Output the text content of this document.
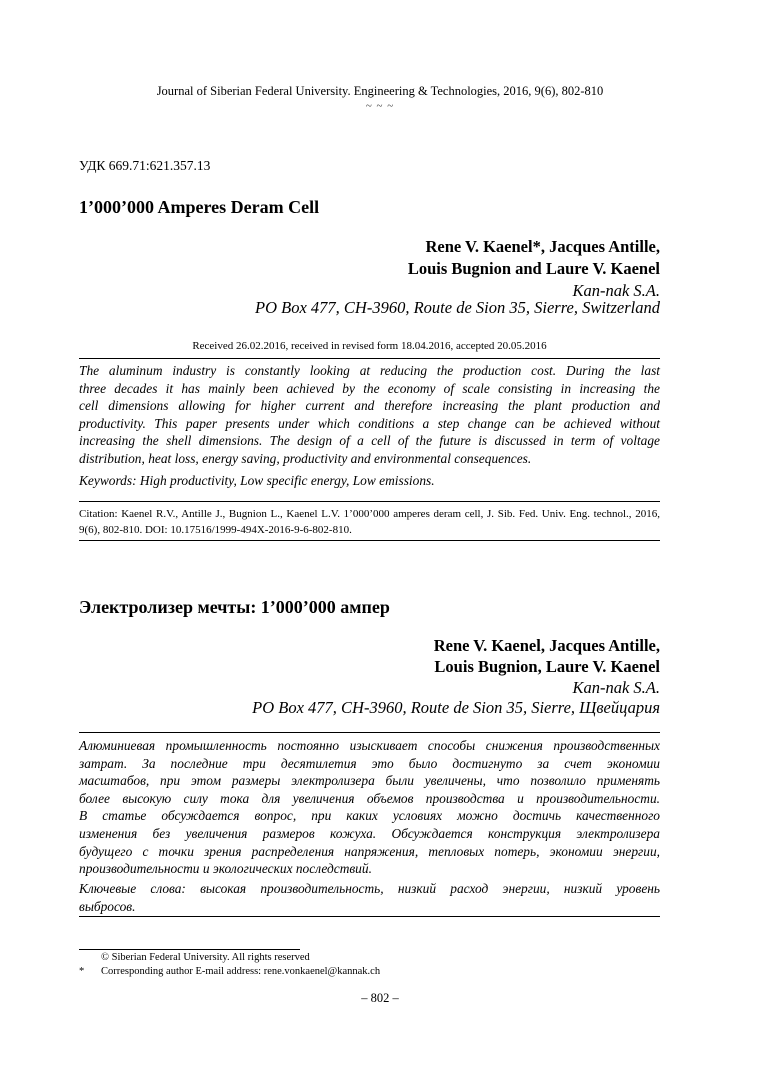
Journal of Siberian Federal University. Engineering & Technologies, 2016, 9(6), 802-810
~ ~ ~
УДК 669.71:621.357.13
1’000’000 Amperes Deram Cell
Rene V. Kaenel*, Jacques Antille,
Louis Bugnion and Laure V. Kaenel
Kan-nak S.A.
PO Box 477, CH-3960, Route de Sion 35, Sierre, Switzerland
Received 26.02.2016, received in revised form 18.04.2016, accepted 20.05.2016
The aluminum industry is constantly looking at reducing the production cost. During the last
three decades it has mainly been achieved by the economy of scale consisting in increasing the
cell dimensions allowing for higher current and therefore increasing the plant production and
productivity. This paper presents under which conditions a step change can be achieved without
increasing the shell dimensions. The design of a cell of the future is discussed in term of voltage
distribution, heat loss, energy saving, productivity and environmental consequences.
Keywords: High productivity, Low specific energy, Low emissions.
Citation: Kaenel R.V., Antille J., Bugnion L., Kaenel L.V. 1’000’000 amperes deram cell, J. Sib. Fed. Univ. Eng. technol., 2016,
9(6), 802-810. DOI: 10.17516/1999-494X-2016-9-6-802-810.
Электролизер мечты: 1’000’000 ампер
Rene V. Kaenel, Jacques Antille,
Louis Bugnion, Laure V. Kaenel
Kan-nak S.A.
PO Box 477, CH-3960, Route de Sion 35, Sierre, Щвейцария
Алюминиевая промышленность постоянно изыскивает способы снижения производственных
затрат. За последние три десятилетия это было достигнуто за счет экономии
масштабов, при этом размеры электролизера были увеличены, что позволило применять
более высокую силу тока для увеличения объемов производства и производительности.
В статье обсуждается вопрос, при каких условиях можно достичь качественного
изменения без увеличения размеров кожуха. Обсуждается конструкция электролизера
будущего с точки зрения распределения напряжения, тепловых потерь, экономии энергии,
производительности и экологических последствий.
Ключевые слова: высокая производительность, низкий расход энергии, низкий уровень
выбросов.
© Siberian Federal University. All rights reserved
* Corresponding author E-mail address: rene.vonkaenel@kannak.ch
– 802 –
